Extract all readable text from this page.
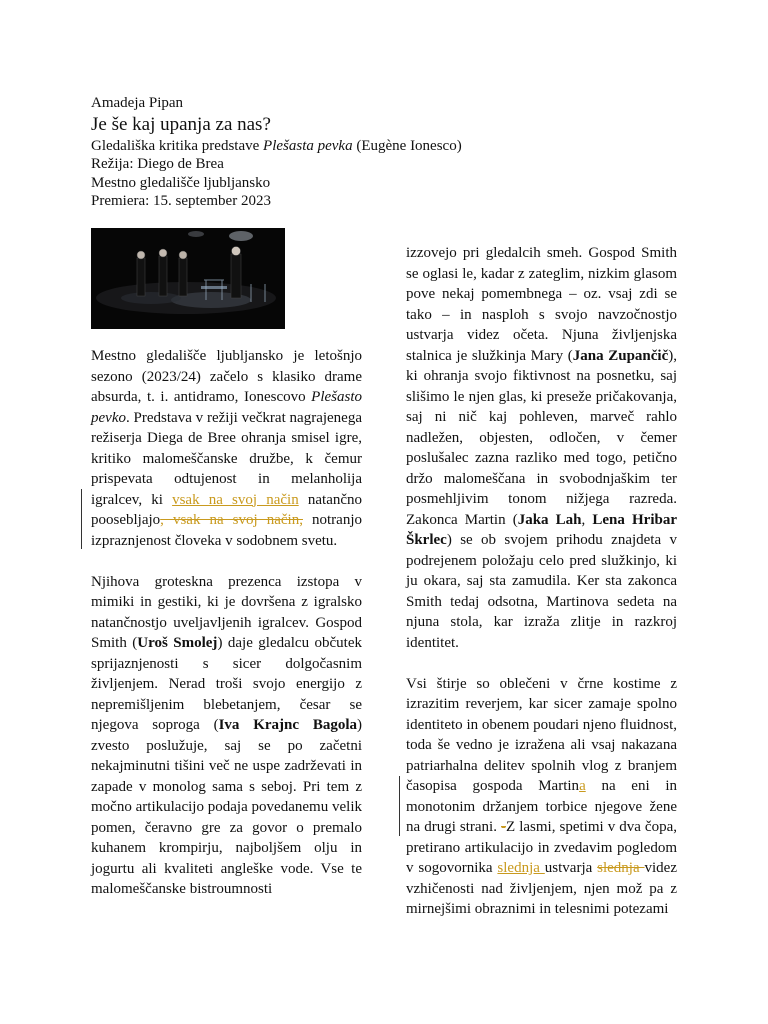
Amadeja Pipan
Je še kaj upanja za nas?
Gledališka kritika predstave Plešasta pevka (Eugène Ionesco)
Režija: Diego de Brea
Mestno gledališče ljubljansko
Premiera: 15. september 2023

Mestno gledališče ljubljansko je letošnjo sezono (2023/24) začelo s klasiko drame absurda, t. i. antidramo, Ionescovo Plešasto pevko. Predstava v režiji večkrat nagrajenega režiserja Diega de Bree ohranja smisel igre, kritiko malomeščanske družbe, k čemur prispevata odtujenost in melanholija igralcev, ki vsak na svoj način natančno poosebljajo, vsak na svoj način, notranjo izpraznjenost človeka v sodobnem svetu.

Njihova groteskna prezenca izstopa v mimiki in gestiki, ki je dovršena z igralsko natančnostjo uveljavljenih igralcev. Gospod Smith (Uroš Smolej) daje gledalcu občutek sprijaznjenosti s sicer dolgočasnim življenjem. Nerad troši svojo energijo z nepremišljenim blebetanjem, česar se njegova soproga (Iva Krajnc Bagola) zvesto poslužuje, saj se po začetni nekajminutni tišini več ne uspe zadrževati in zapade v monolog sama s seboj. Pri tem z močno artikulacijo podaja povedanemu velik pomen, čeravno gre za govor o premalo kuhanem krompirju, najboljšem olju in jogurtu ali kvaliteti angleške vode. Vse te malomeščanske bistroumnosti

izzovejo pri gledalcih smeh. Gospod Smith se oglasi le, kadar z zateglim, nizkim glasom pove nekaj pomembnega – oz. vsaj zdi se tako – in nasploh s svojo navzočnostjo ustvarja videz očeta. Njuna življenjska stalnica je služkinja Mary (Jana Zupančič), ki ohranja svojo fiktivnost na posnetku, saj slišimo le njen glas, ki preseže pričakovanja, saj ni nič kaj pohleven, marveč rahlo nadležen, objesten, odločen, v čemer poslušalec zazna razliko med togo, petično držo malomeščana in svobodnjaškim ter posmehljivim tonom nižjega razreda. Zakonca Martin (Jaka Lah, Lena Hribar Škrlec) se ob svojem prihodu znajdeta v podrejenem položaju celo pred služkinjo, ki ju okara, saj sta zamudila. Ker sta zakonca Smith tedaj odsotna, Martinova sedeta na njuna stola, kar izraža zlitje in razkroj identitet.

Vsi štirje so oblečeni v črne kostime z izrazitim reverjem, kar sicer zamaje spolno identiteto in obenem poudari njeno fluidnost, toda še vedno je izražena ali vsaj nakazana patriarhalna delitev spolnih vlog z branjem časopisa gospoda Martina na eni in monotonim držanjem torbice njegove žene na drugi strani. -Z lasmi, spetimi v dva čopa, pretirano artikulacijo in zvedavim pogledom v sogovornika slednja ustvarja slednja videz vzhičenosti nad življenjem, njen mož pa z mirnejšimi obraznimi in telesnimi potezami
